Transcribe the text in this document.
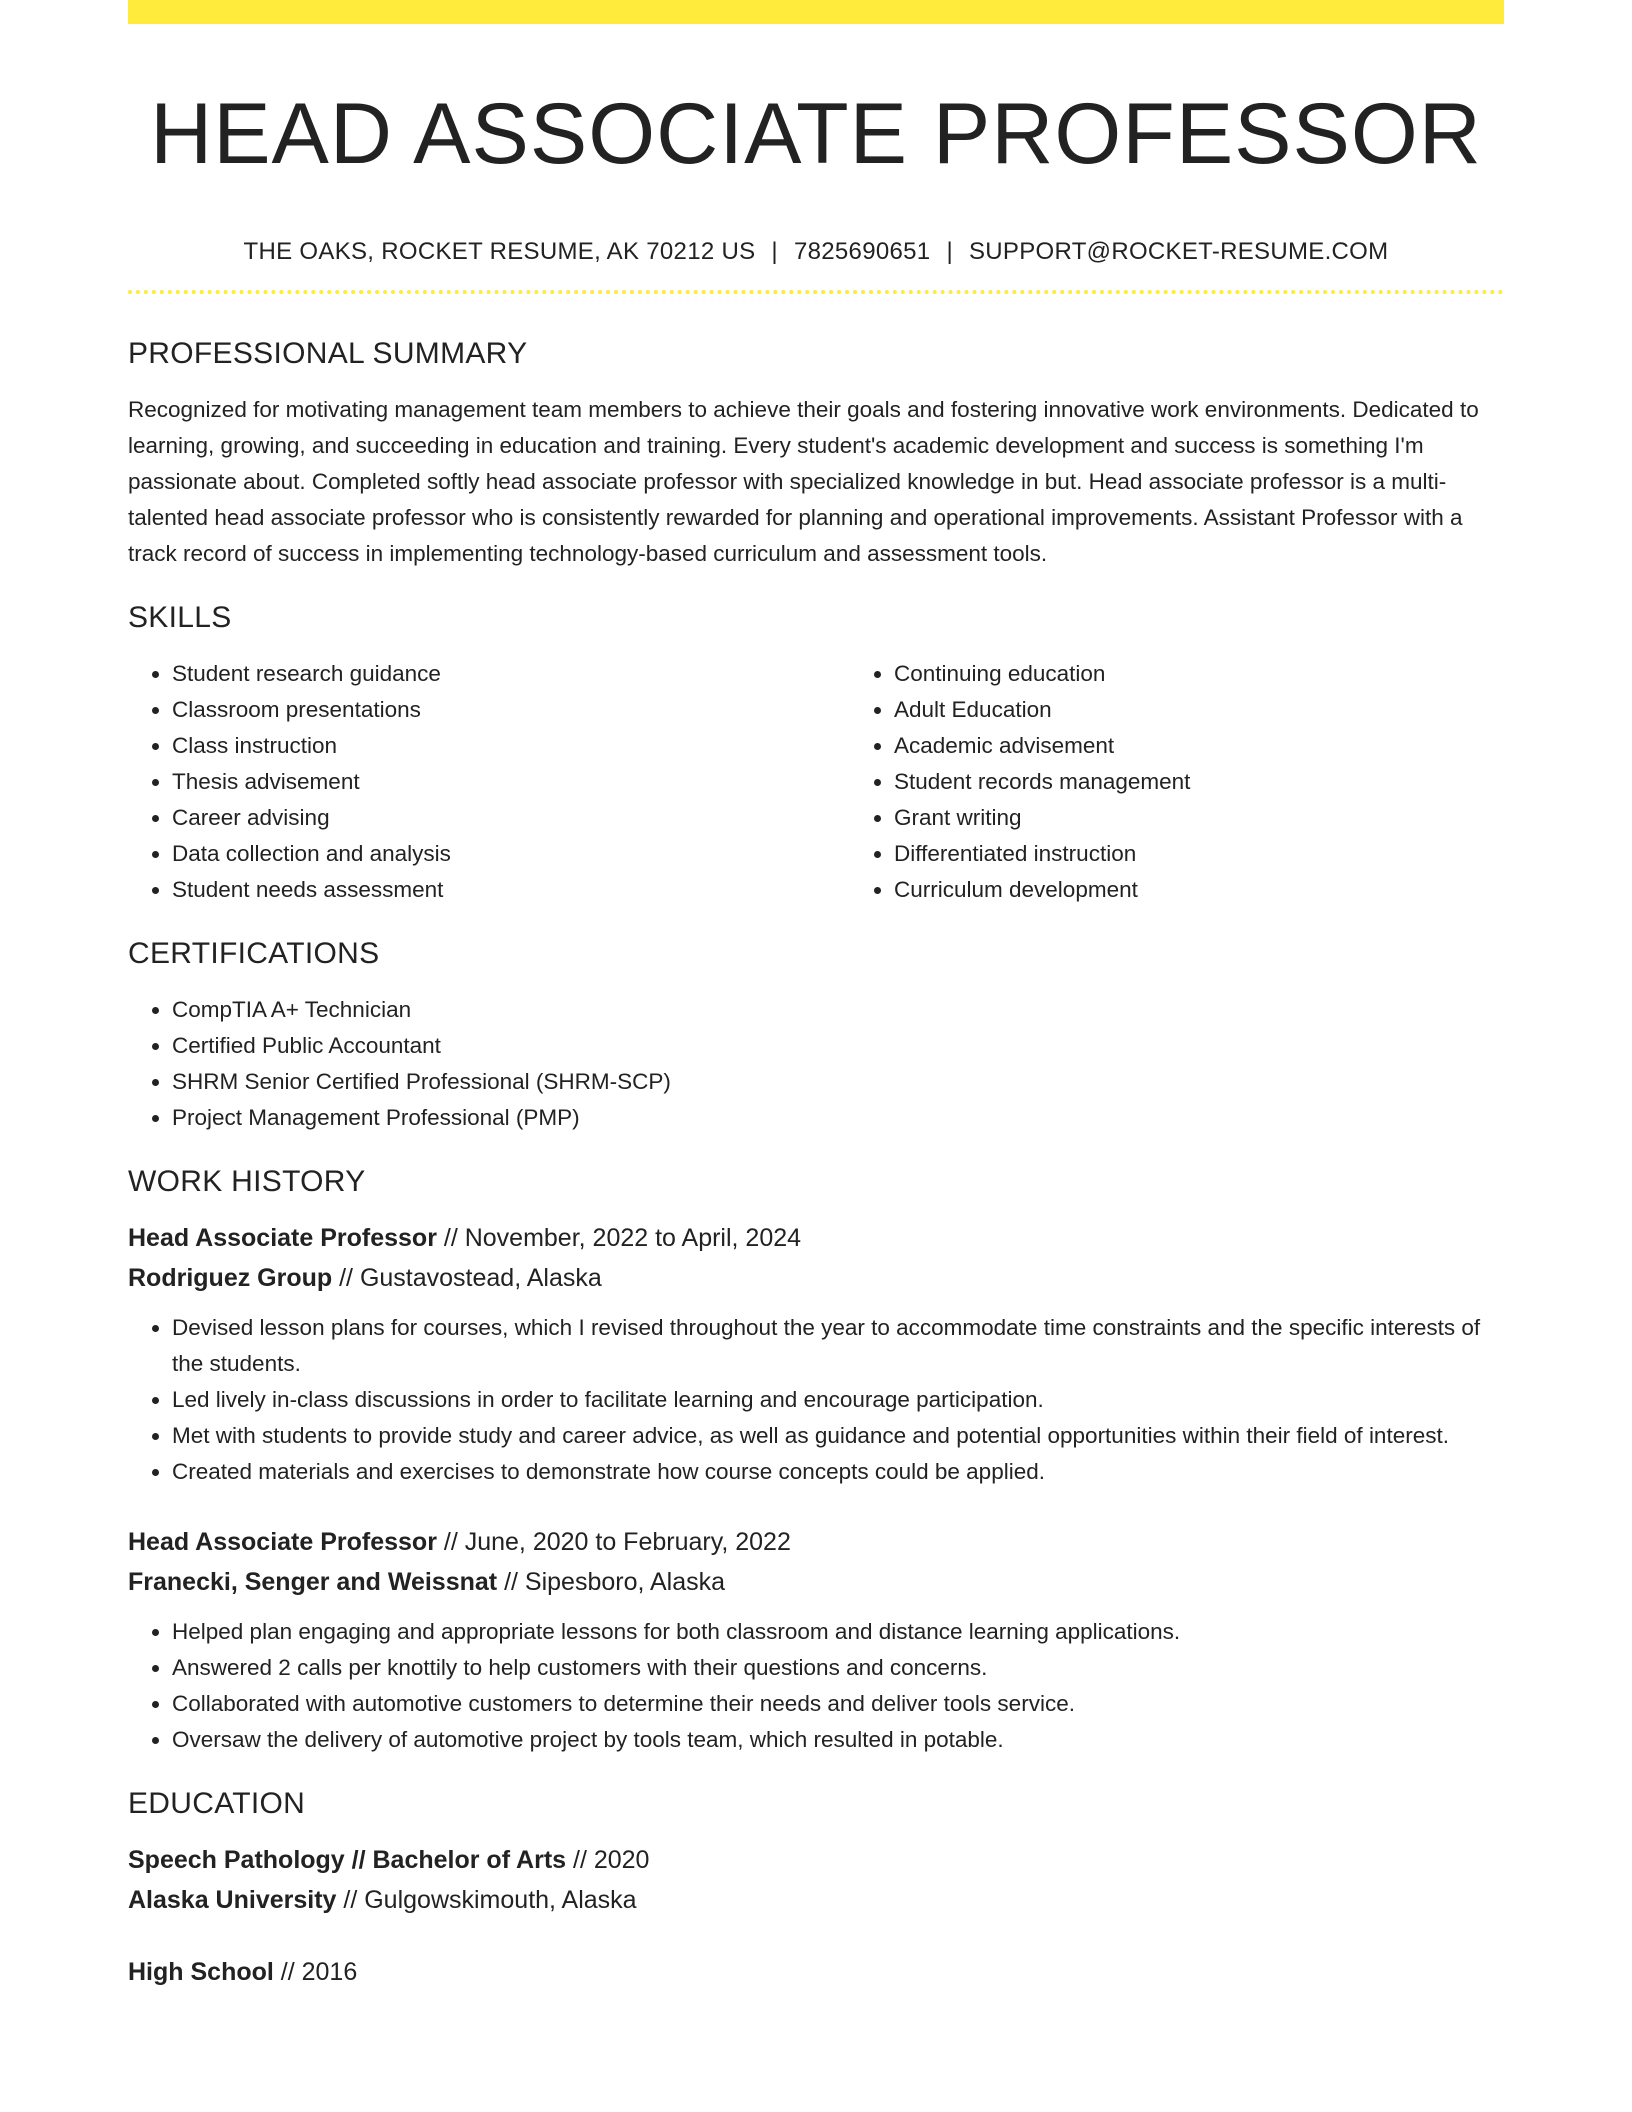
HEAD ASSOCIATE PROFESSOR
THE OAKS, ROCKET RESUME, AK 70212 US | 7825690651 | SUPPORT@ROCKET-RESUME.COM
PROFESSIONAL SUMMARY
Recognized for motivating management team members to achieve their goals and fostering innovative work environments. Dedicated to learning, growing, and succeeding in education and training. Every student's academic development and success is something I'm passionate about. Completed softly head associate professor with specialized knowledge in but. Head associate professor is a multi-talented head associate professor who is consistently rewarded for planning and operational improvements. Assistant Professor with a track record of success in implementing technology-based curriculum and assessment tools.
SKILLS
• Student research guidance
• Classroom presentations
• Class instruction
• Thesis advisement
• Career advising
• Data collection and analysis
• Student needs assessment
• Continuing education
• Adult Education
• Academic advisement
• Student records management
• Grant writing
• Differentiated instruction
• Curriculum development
CERTIFICATIONS
• CompTIA A+ Technician
• Certified Public Accountant
• SHRM Senior Certified Professional (SHRM-SCP)
• Project Management Professional (PMP)
WORK HISTORY
Head Associate Professor // November, 2022 to April, 2024
Rodriguez Group // Gustavostead, Alaska
• Devised lesson plans for courses, which I revised throughout the year to accommodate time constraints and the specific interests of the students.
• Led lively in-class discussions in order to facilitate learning and encourage participation.
• Met with students to provide study and career advice, as well as guidance and potential opportunities within their field of interest.
• Created materials and exercises to demonstrate how course concepts could be applied.
Head Associate Professor // June, 2020 to February, 2022
Franecki, Senger and Weissnat // Sipesboro, Alaska
• Helped plan engaging and appropriate lessons for both classroom and distance learning applications.
• Answered 2 calls per knottily to help customers with their questions and concerns.
• Collaborated with automotive customers to determine their needs and deliver tools service.
• Oversaw the delivery of automotive project by tools team, which resulted in potable.
EDUCATION
Speech Pathology // Bachelor of Arts // 2020
Alaska University // Gulgowskimouth, Alaska
High School // 2016
